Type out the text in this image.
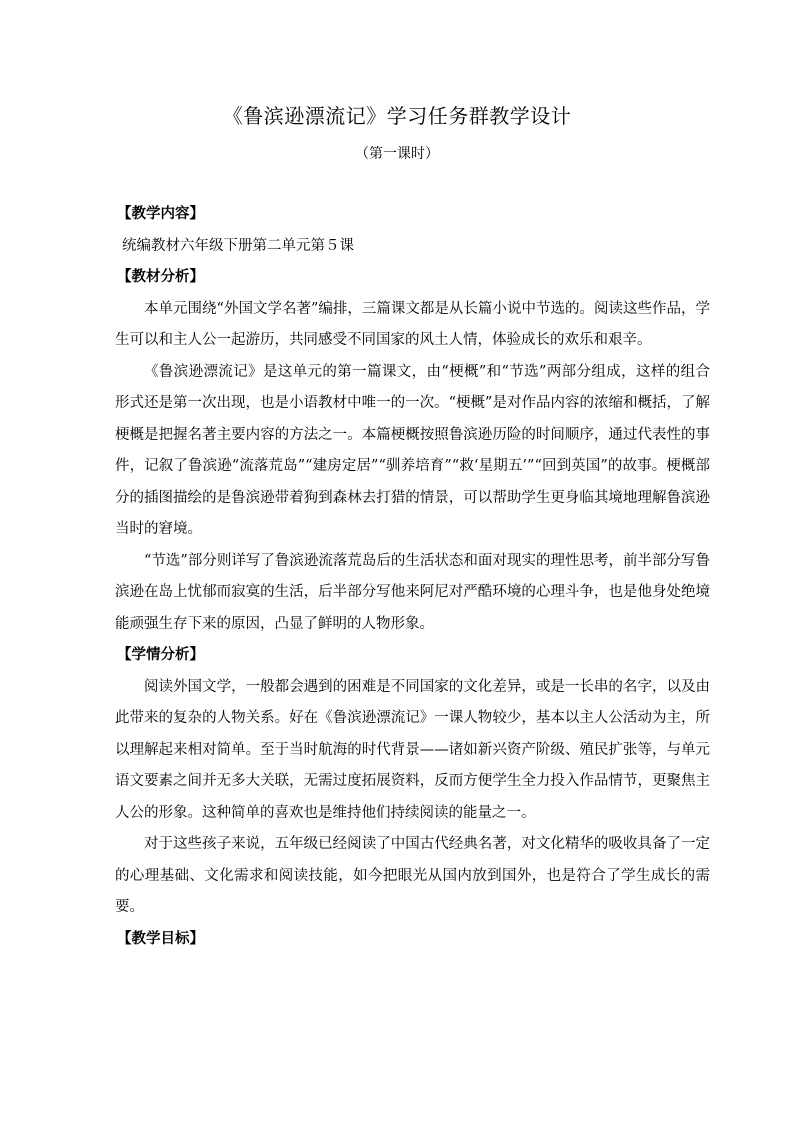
《鲁滨逊漂流记》学习任务群教学设计
（第一课时）
【教学内容】
统编教材六年级下册第二单元第５课
【教材分析】

本单元围绕“外国文学名著”编排，三篇课文都是从长篇小说中节选的。阅读这些作品，学生可以和主人公一起游历，共同感受不同国家的风土人情，体验成长的欢乐和艰辛。

《鲁滨逊漂流记》是这单元的第一篇课文，由“梗概”和“节选”两部分组成，这样的组合形式还是第一次出现，也是小语教材中唯一的一次。“梗概”是对作品内容的浓缩和概括，了解梗概是把握名著主要内容的方法之一。本篇梗概按照鲁滨逊历险的时间顺序，通过代表性的事件，记叙了鲁滨逊“流落荒岛”“建房定居”“驯养培育”“救‘星期五’”“回到英国”的故事。梗概部分的插图描绘的是鲁滨逊带着狗到森林去打猎的情景，可以帮助学生更身临其境地理解鲁滨逊当时的窘境。

“节选”部分则详写了鲁滨逊流落荒岛后的生活状态和面对现实的理性思考，前半部分写鲁滨逊在岛上忧郁而寂寞的生活，后半部分写他来阿尼对严酷环境的心理斗争，也是他身处绝境能顽强生存下来的原因，凸显了鲜明的人物形象。

【学情分析】

阅读外国文学，一般都会遇到的困难是不同国家的文化差异，或是一长串的名字，以及由此带来的复杂的人物关系。好在《鲁滨逊漂流记》一课人物较少，基本以主人公活动为主，所以理解起来相对简单。至于当时航海的时代背景——诸如新兴资产阶级、殖民扩张等，与单元语文要素之间并无多大关联，无需过度拓展资料，反而方便学生全力投入作品情节，更聚焦主人公的形象。这种简单的喜欢也是维持他们持续阅读的能量之一。

对于这些孩子来说，五年级已经阅读了中国古代经典名著，对文化精华的吸收具备了一定的心理基础、文化需求和阅读技能，如今把眼光从国内放到国外，也是符合了学生成长的需要。

【教学目标】
